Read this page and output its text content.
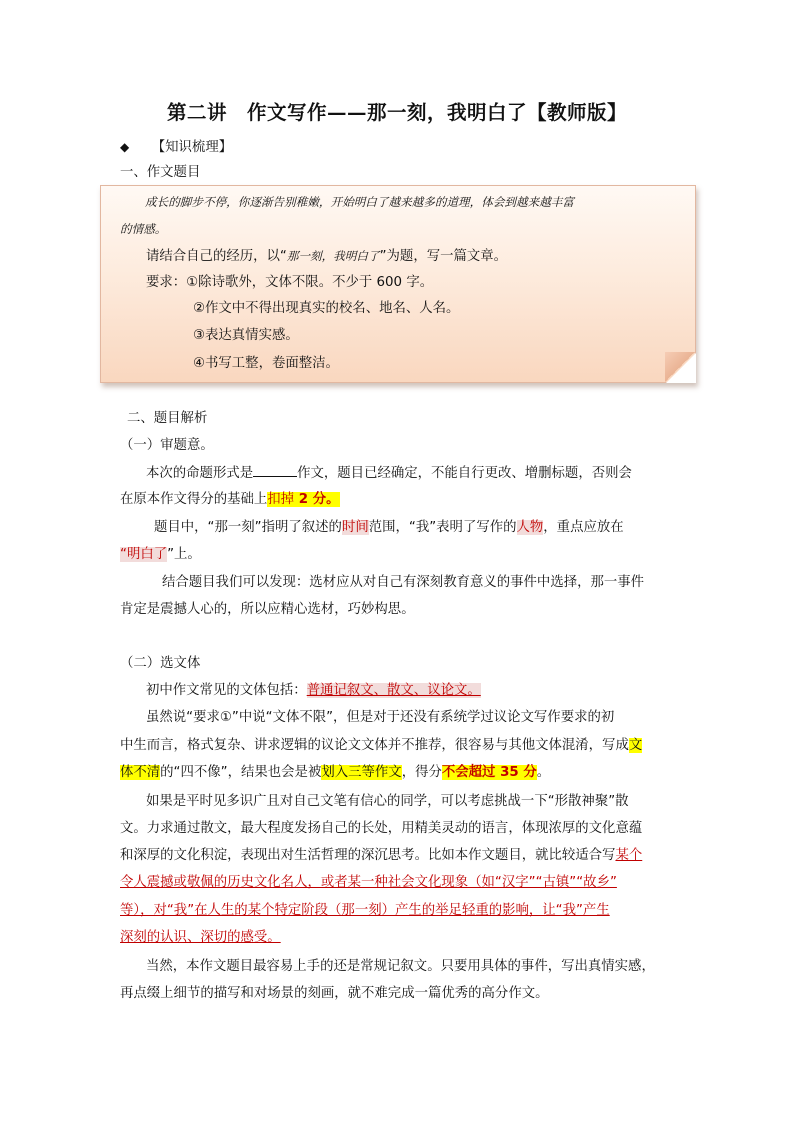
第二讲　作文写作——那一刻，我明白了【教师版】
◆ 【知识梳理】
一、作文题目
成长的脚步不停，你逐渐告别稚嫩，开始明白了越来越多的道理，体会到越来越丰富
的情感。
请结合自己的经历，以“那一刻，我明白了”为题，写一篇文章。
要求：①除诗歌外，文体不限。不少于 600 字。
②作文中不得出现真实的校名、地名、人名。
③表达真情实感。
④书写工整，卷面整洁。
二、题目解析
（一）审题意。
本次的命题形式是	作文，题目已经确定，不能自行更改、增删标题，否则会
在原本作文得分的基础上扣掉 2 分。
题目中，“那一刻”指明了叙述的时间范围，“我”表明了写作的人物，重点应放在
“明白了”上。
结合题目我们可以发现：选材应从对自己有深刻教育意义的事件中选择，那一事件
肯定是震撼人心的，所以应精心选材，巧妙构思。
（二）选文体
初中作文常见的文体包括：普通记叙文、散文、议论文。
虽然说“要求①”中说“文体不限”，但是对于还没有系统学过议论文写作要求的初
中生而言，格式复杂、讲求逻辑的议论文文体并不推荐，很容易与其他文体混淆，写成文
体不清的“四不像”，结果也会是被划入三等作文，得分不会超过 35 分。
如果是平时见多识广且对自己文笔有信心的同学，可以考虑挑战一下“形散神聚”散
文。力求通过散文，最大程度发扬自己的长处，用精美灵动的语言，体现浓厚的文化意蕴
和深厚的文化积淀，表现出对生活哲理的深沉思考。比如本作文题目，就比较适合写某个
令人震撼或敬佩的历史文化名人，或者某一种社会文化现象（如“汉字”“古镇”“故乡”
等），对“我”在人生的某个特定阶段（那一刻）产生的举足轻重的影响，让“我”产生
深刻的认识、深切的感受。
当然，本作文题目最容易上手的还是常规记叙文。只要用具体的事件，写出真情实感，
再点缀上细节的描写和对场景的刻画，就不难完成一篇优秀的高分作文。
